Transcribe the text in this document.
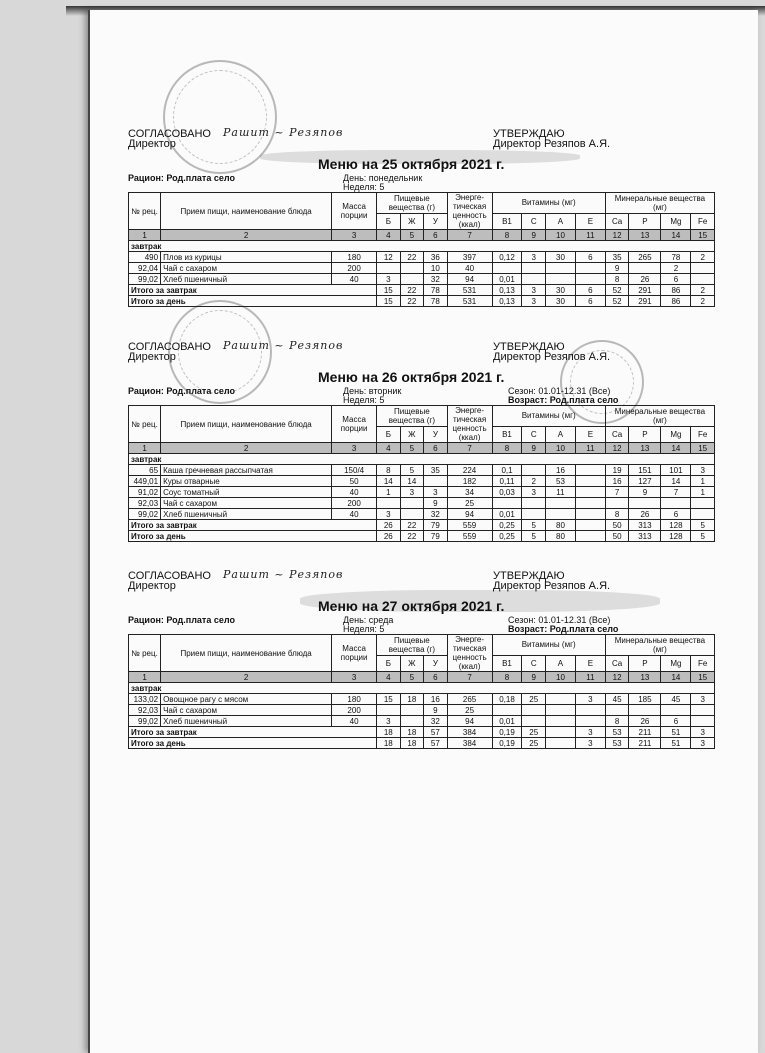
СОГЛАСОВАНО
Директор
УТВЕРЖДАЮ
Директор Резяпов А.Я.
Рашит ~ Резяпов
Меню на 25 октября 2021 г.
Рацион: Род.плата село	День: понедельник
Неделя: 5
№ рец.	Прием пищи, наименование блюда	Масса порции	Пищевые вещества (г)			Энерге-тическая ценность (ккал)	Витамины (мг)				Минеральные вещества (мг)			
			Б	Ж	У		B1	C	A	E	Ca	P	Mg	Fe
1	2	3	4	5	6	7	8	9	10	11	12	13	14	15
завтрак														
490	Плов из курицы	180	12	22	36	397	0,12	3	30	6	35	265	78	2
92,04	Чай с сахаром	200			10	40					9		2	
99,02	Хлеб пшеничный	40	3		32	94	0,01				8	26	6	
Итого за завтрак			15	22	78	531	0,13	3	30	6	52	291	86	2
Итого за день			15	22	78	531	0,13	3	30	6	52	291	86	2
СОГЛАСОВАНО
Директор
УТВЕРЖДАЮ
Директор Резяпов А.Я.
Рашит ~ Резяпов
Меню на 26 октября 2021 г.
Рацион: Род.плата село	День: вторник	Сезон: 01.01-12.31 (Все)
Неделя: 5	Возраст: Род.плата село
№ рец.	Прием пищи, наименование блюда	Масса порции	Пищевые вещества (г)			Энерге-тическая ценность (ккал)	Витамины (мг)				Минеральные вещества (мг)			
			Б	Ж	У		B1	C	A	E	Ca	P	Mg	Fe
1	2	3	4	5	6	7	8	9	10	11	12	13	14	15
завтрак														
65	Каша гречневая рассыпчатая	150/4	8	5	35	224	0,1		16		19	151	101	3
449,01	Куры отварные	50	14	14		182	0,11	2	53		16	127	14	1
91,02	Соус томатный	40	1	3	3	34	0,03	3	11		7	9	7	1
92,03	Чай с сахаром	200			9	25								
99,02	Хлеб пшеничный	40	3		32	94	0,01				8	26	6	
Итого за завтрак			26	22	79	559	0,25	5	80		50	313	128	5
Итого за день			26	22	79	559	0,25	5	80		50	313	128	5
СОГЛАСОВАНО
Директор
УТВЕРЖДАЮ
Директор Резяпов А.Я.
Рашит ~ Резяпов
Меню на 27 октября 2021 г.
Рацион: Род.плата село	День: среда	Сезон: 01.01-12.31 (Все)
Неделя: 5	Возраст: Род.плата село
№ рец.	Прием пищи, наименование блюда	Масса порции	Пищевые вещества (г)			Энерге-тическая ценность (ккал)	Витамины (мг)				Минеральные вещества (мг)			
			Б	Ж	У		B1	C	A	E	Ca	P	Mg	Fe
1	2	3	4	5	6	7	8	9	10	11	12	13	14	15
завтрак														
133,02	Овощное рагу с мясом	180	15	18	16	265	0,18	25		3	45	185	45	3
92,03	Чай с сахаром	200			9	25								
99,02	Хлеб пшеничный	40	3		32	94	0,01				8	26	6	
Итого за завтрак			18	18	57	384	0,19	25		3	53	211	51	3
Итого за день			18	18	57	384	0,19	25		3	53	211	51	3
